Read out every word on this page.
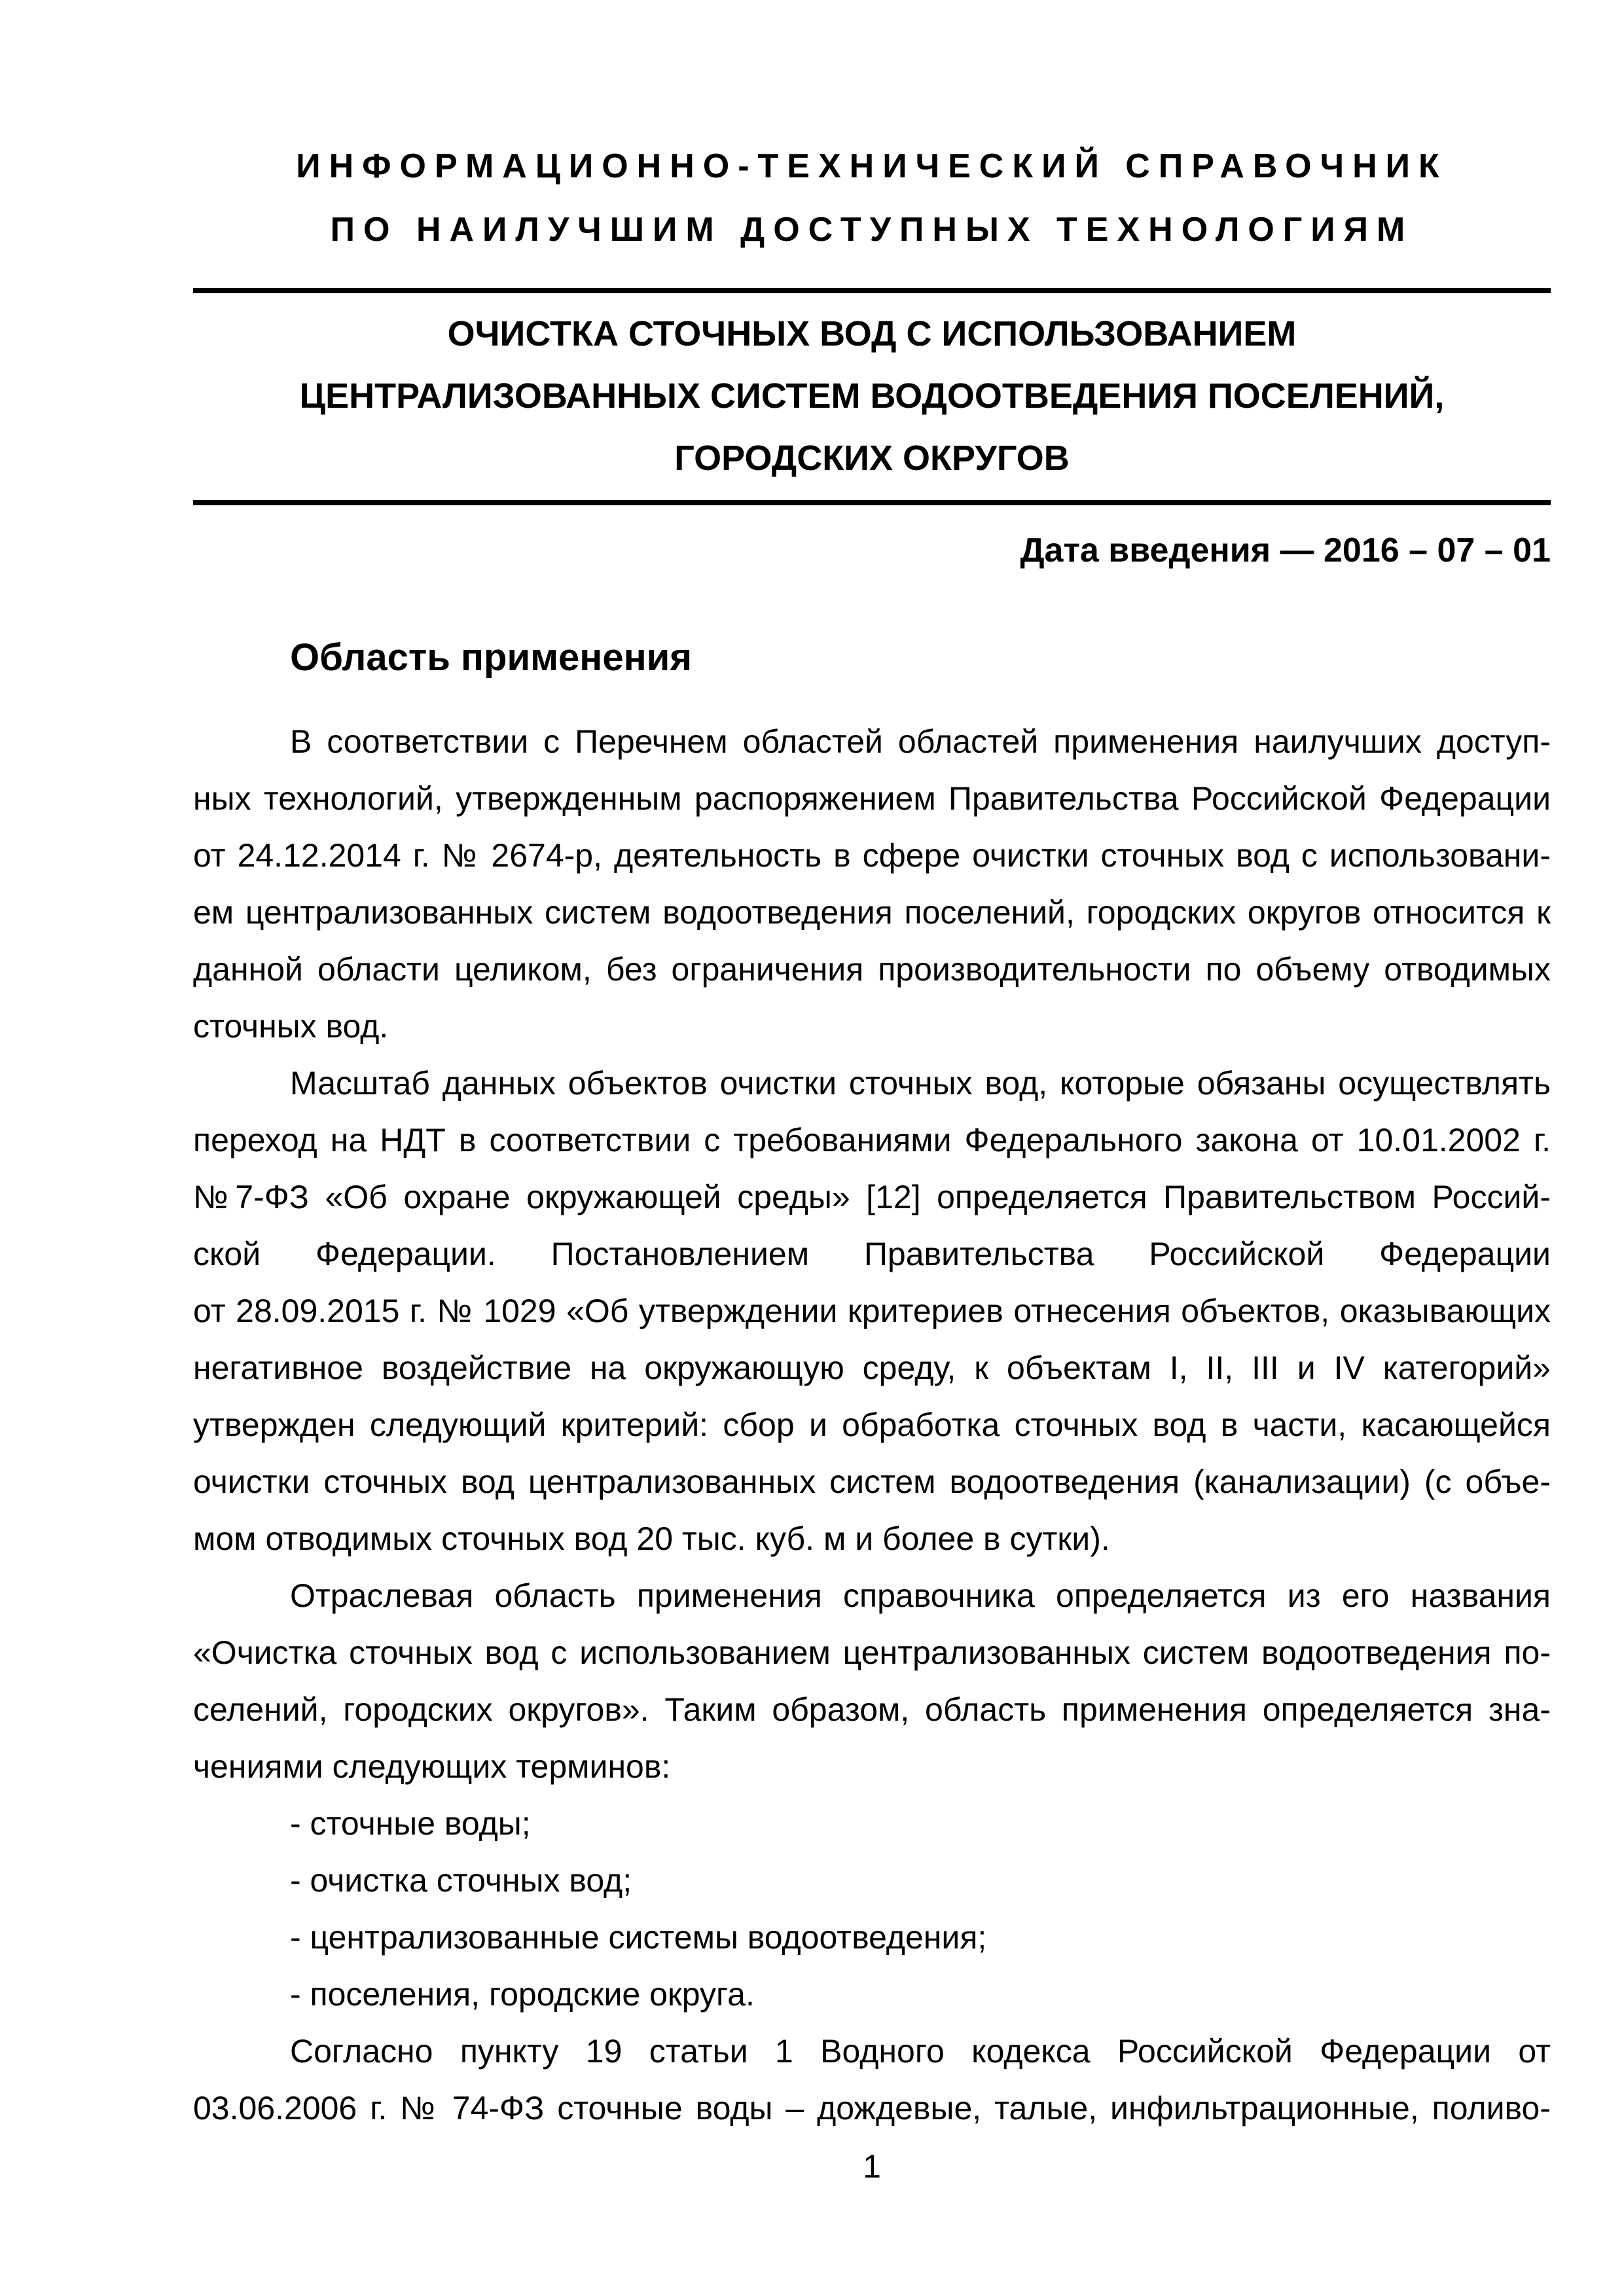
ИНФОРМАЦИОННО-ТЕХНИЧЕСКИЙ СПРАВОЧНИК
ПО НАИЛУЧШИМ ДОСТУПНЫХ ТЕХНОЛОГИЯМ
ОЧИСТКА СТОЧНЫХ ВОД С ИСПОЛЬЗОВАНИЕМ
ЦЕНТРАЛИЗОВАННЫХ СИСТЕМ ВОДООТВЕДЕНИЯ ПОСЕЛЕНИЙ,
ГОРОДСКИХ ОКРУГОВ
Дата введения — 2016 – 07 – 01
Область применения
В соответствии с Перечнем областей областей применения наилучших доступ-
ных технологий, утвержденным распоряжением Правительства Российской Федерации
от 24.12.2014 г. № 2674-р, деятельность в сфере очистки сточных вод с использовани-
ем централизованных систем водоотведения поселений, городских округов относится к
данной области целиком, без ограничения производительности по объему отводимых
сточных вод.
Масштаб данных объектов очистки сточных вод, которые обязаны осуществлять
переход на НДТ в соответствии с требованиями Федерального закона от 10.01.2002 г.
№7-ФЗ «Об охране окружающей среды» [12] определяется Правительством Россий-
ской Федерации. Постановлением Правительства Российской Федерации
от 28.09.2015 г. № 1029 «Об утверждении критериев отнесения объектов, оказывающих
негативное воздействие на окружающую среду, к объектам I, II, III и IV категорий»
утвержден следующий критерий: сбор и обработка сточных вод в части, касающейся
очистки сточных вод централизованных систем водоотведения (канализации) (с объе-
мом отводимых сточных вод 20 тыс. куб. м и более в сутки).
Отраслевая область применения справочника определяется из его названия
«Очистка сточных вод с использованием централизованных систем водоотведения по-
селений, городских округов». Таким образом, область применения определяется зна-
чениями следующих терминов:
- сточные воды;
- очистка сточных вод;
- централизованные системы водоотведения;
- поселения, городские округа.
Согласно пункту 19 статьи 1 Водного кодекса Российской Федерации от
03.06.2006 г. № 74-ФЗ сточные воды – дождевые, талые, инфильтрационные, поливо-
1
